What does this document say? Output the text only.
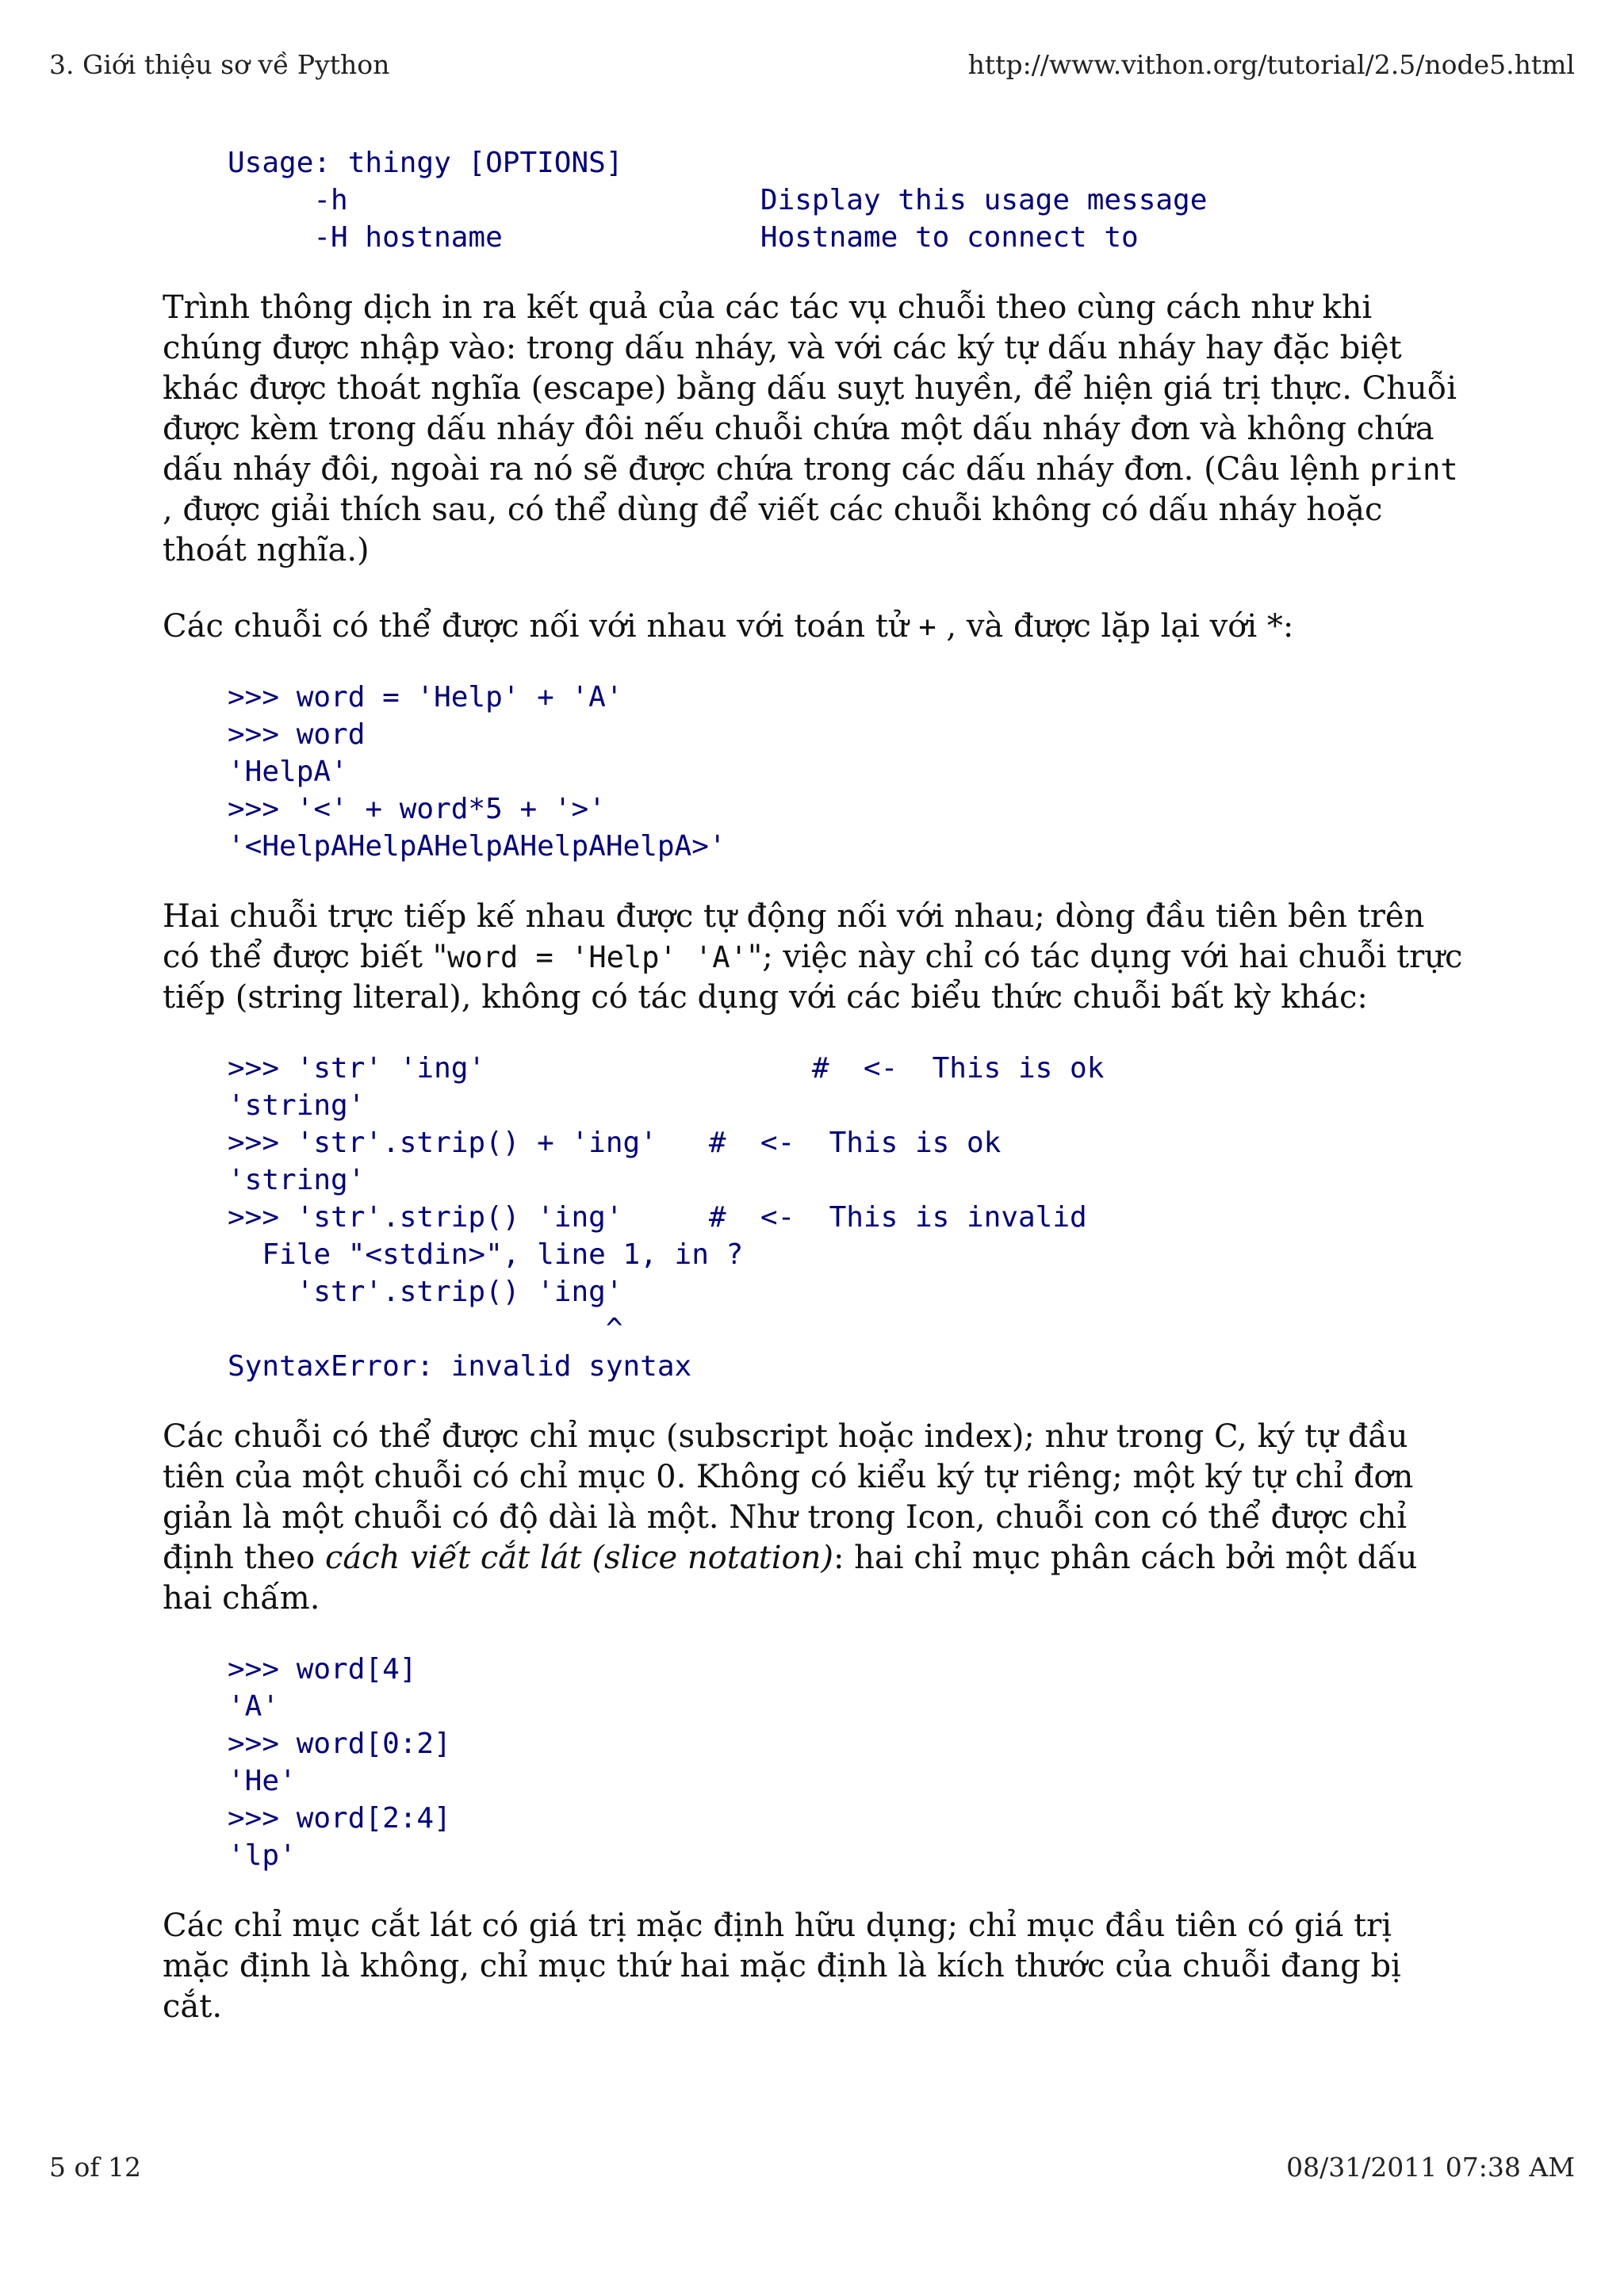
3. Giới thiệu sơ về Python	http://www.vithon.org/tutorial/2.5/node5.html
Usage: thingy [OPTIONS]
-h                        Display this usage message
-H hostname               Hostname to connect to

Trình thông dịch in ra kết quả của các tác vụ chuỗi theo cùng cách như khi chúng được nhập vào: trong dấu nháy, và với các ký tự dấu nháy hay đặc biệt khác được thoát nghĩa (escape) bằng dấu suỵt huyền, để hiện giá trị thực. Chuỗi được kèm trong dấu nháy đôi nếu chuỗi chứa một dấu nháy đơn và không chứa dấu nháy đôi, ngoài ra nó sẽ được chứa trong các dấu nháy đơn. (Câu lệnh print , được giải thích sau, có thể dùng để viết các chuỗi không có dấu nháy hoặc thoát nghĩa.)

Các chuỗi có thể được nối với nhau với toán tử + , và được lặp lại với *:

>>> word = 'Help' + 'A'
>>> word
'HelpA'
>>> '<' + word*5 + '>'
'<HelpAHelpAHelpAHelpAHelpA>'

Hai chuỗi trực tiếp kế nhau được tự động nối với nhau; dòng đầu tiên bên trên có thể được biết "word = 'Help' 'A'"; việc này chỉ có tác dụng với hai chuỗi trực tiếp (string literal), không có tác dụng với các biểu thức chuỗi bất kỳ khác:

>>> 'str' 'ing'                   #  <-  This is ok
'string'
>>> 'str'.strip() + 'ing'   #  <-  This is ok
'string'
>>> 'str'.strip() 'ing'     #  <-  This is invalid
File "<stdin>", line 1, in ?
'str'.strip() 'ing'
^
SyntaxError: invalid syntax

Các chuỗi có thể được chỉ mục (subscript hoặc index); như trong C, ký tự đầu tiên của một chuỗi có chỉ mục 0. Không có kiểu ký tự riêng; một ký tự chỉ đơn giản là một chuỗi có độ dài là một. Như trong Icon, chuỗi con có thể được chỉ định theo cách viết cắt lát (slice notation): hai chỉ mục phân cách bởi một dấu hai chấm.

>>> word[4]
'A'
>>> word[0:2]
'He'
>>> word[2:4]
'lp'

Các chỉ mục cắt lát có giá trị mặc định hữu dụng; chỉ mục đầu tiên có giá trị mặc định là không, chỉ mục thứ hai mặc định là kích thước của chuỗi đang bị cắt.

5 of 12	08/31/2011 07:38 AM
